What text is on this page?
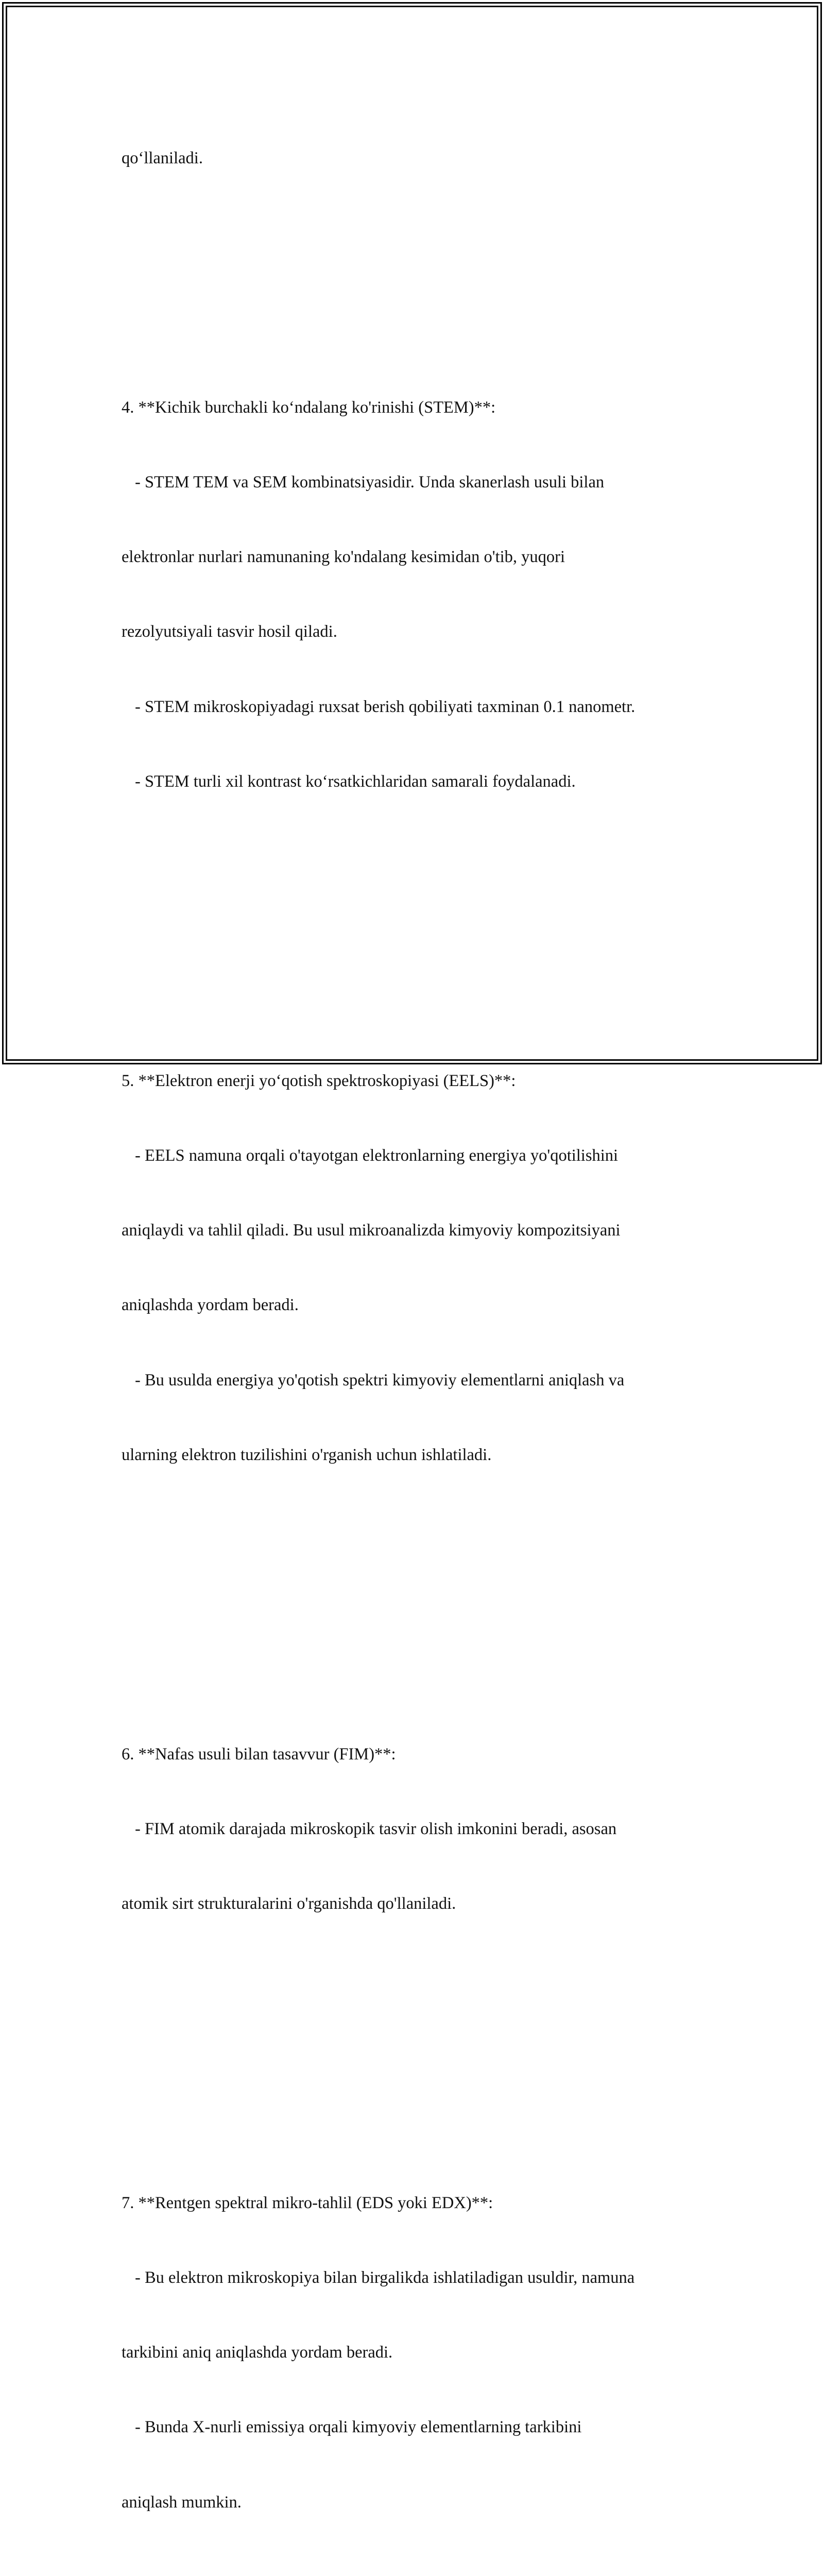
qo‘llaniladi.

4. **Kichik burchakli ko‘ndalang ko'rinishi (STEM)**:

- STEM TEM va SEM kombinatsiyasidir. Unda skanerlash usuli bilan

elektronlar nurlari namunaning ko'ndalang kesimidan o'tib, yuqori

rezolyutsiyali tasvir hosil qiladi.

- STEM mikroskopiyadagi ruxsat berish qobiliyati taxminan 0.1 nanometr.

- STEM turli xil kontrast ko‘rsatkichlaridan samarali foydalanadi.

5. **Elektron enerji yo‘qotish spektroskopiyasi (EELS)**:

- EELS namuna orqali o'tayotgan elektronlarning energiya yo'qotilishini

aniqlaydi va tahlil qiladi. Bu usul mikroanalizda kimyoviy kompozitsiyani

aniqlashda yordam beradi.

- Bu usulda energiya yo'qotish spektri kimyoviy elementlarni aniqlash va

ularning elektron tuzilishini o'rganish uchun ishlatiladi.

6. **Nafas usuli bilan tasavvur (FIM)**:

- FIM atomik darajada mikroskopik tasvir olish imkonini beradi, asosan

atomik sirt strukturalarini o'rganishda qo'llaniladi.

7. **Rentgen spektral mikro-tahlil (EDS yoki EDX)**:

- Bu elektron mikroskopiya bilan birgalikda ishlatiladigan usuldir, namuna

tarkibini aniq aniqlashda yordam beradi.

- Bunda X-nurli emissiya orqali kimyoviy elementlarning tarkibini

aniqlash mumkin.
